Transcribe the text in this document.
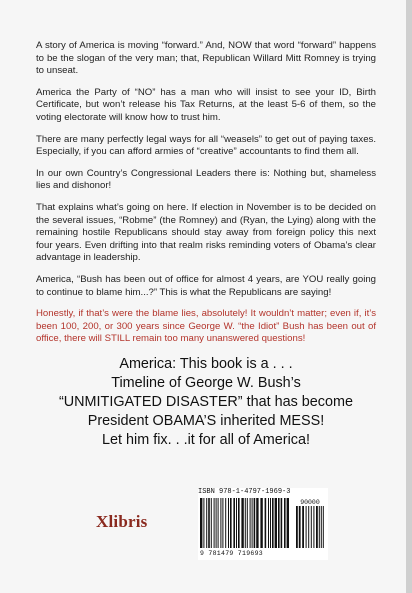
A story of America is moving “forward.” And, NOW that word “forward” happens to be the slogan of the very man; that, Republican Willard Mitt Romney is trying to unseat.

America the Party of “NO” has a man who will insist to see your ID, Birth Certificate, but won’t release his Tax Returns, at the least 5-6 of them, so the voting electorate will know how to trust him.

There are many perfectly legal ways for all “weasels” to get out of paying taxes. Especially, if you can afford armies of “creative” accountants to find them all.

In our own Country’s Congressional Leaders there is: Nothing but, shameless lies and dishonor!

That explains what’s going on here. If election in November is to be decided on the several issues, “Robme” (the Romney) and (Ryan, the Lying) along with the remaining hostile Republicans should stay away from foreign policy this next four years. Even drifting into that realm risks reminding voters of Obama’s clear advantage in leadership.

America, “Bush has been out of office for almost 4 years, are YOU really going to continue to blame him...?” This is what the Republicans are saying!

Honestly, if that’s were the blame lies, absolutely! It wouldn’t matter; even if, it’s been 100, 200, or 300 years since George W. “the Idiot” Bush has been out of office, there will STILL remain too many unanswered questions!

America: This book is a . . .
Timeline of George W. Bush’s
“UNMITIGATED DISASTER” that has become
President OBAMA’S inherited MESS!
Let him fix. . .it for all of America!
Xlibris
ISBN 978-1-4797-1969-3
90000
9 781479 719693
